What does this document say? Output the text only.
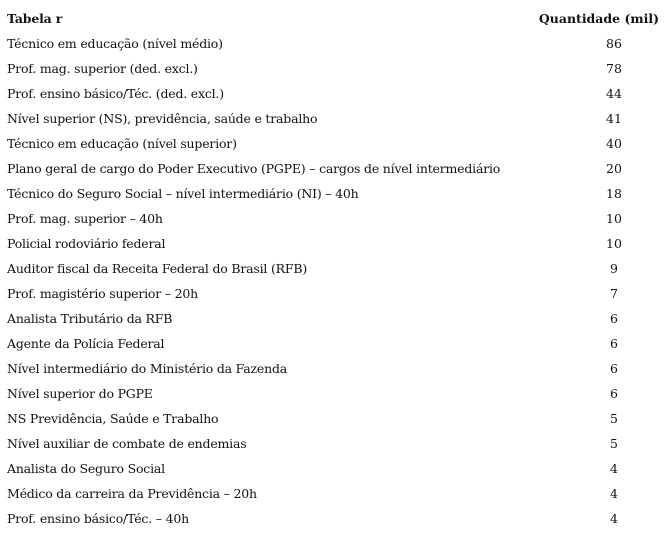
Tabela r	Quantidade (mil)
Técnico em educação (nível médio)	86
Prof. mag. superior (ded. excl.)	78
Prof. ensino básico/Téc. (ded. excl.)	44
Nível superior (NS), previdência, saúde e trabalho	41
Técnico em educação (nível superior)	40
Plano geral de cargo do Poder Executivo (PGPE) – cargos de nível intermediário	20
Técnico do Seguro Social – nível intermediário (NI) – 40h	18
Prof. mag. superior – 40h	10
Policial rodoviário federal	10
Auditor fiscal da Receita Federal do Brasil (RFB)	9
Prof. magistério superior – 20h	7
Analista Tributário da RFB	6
Agente da Polícia Federal	6
Nível intermediário do Ministério da Fazenda	6
Nível superior do PGPE	6
NS Previdência, Saúde e Trabalho	5
Nível auxiliar de combate de endemias	5
Analista do Seguro Social	4
Médico da carreira da Previdência – 20h	4
Prof. ensino básico/Téc. – 40h	4
